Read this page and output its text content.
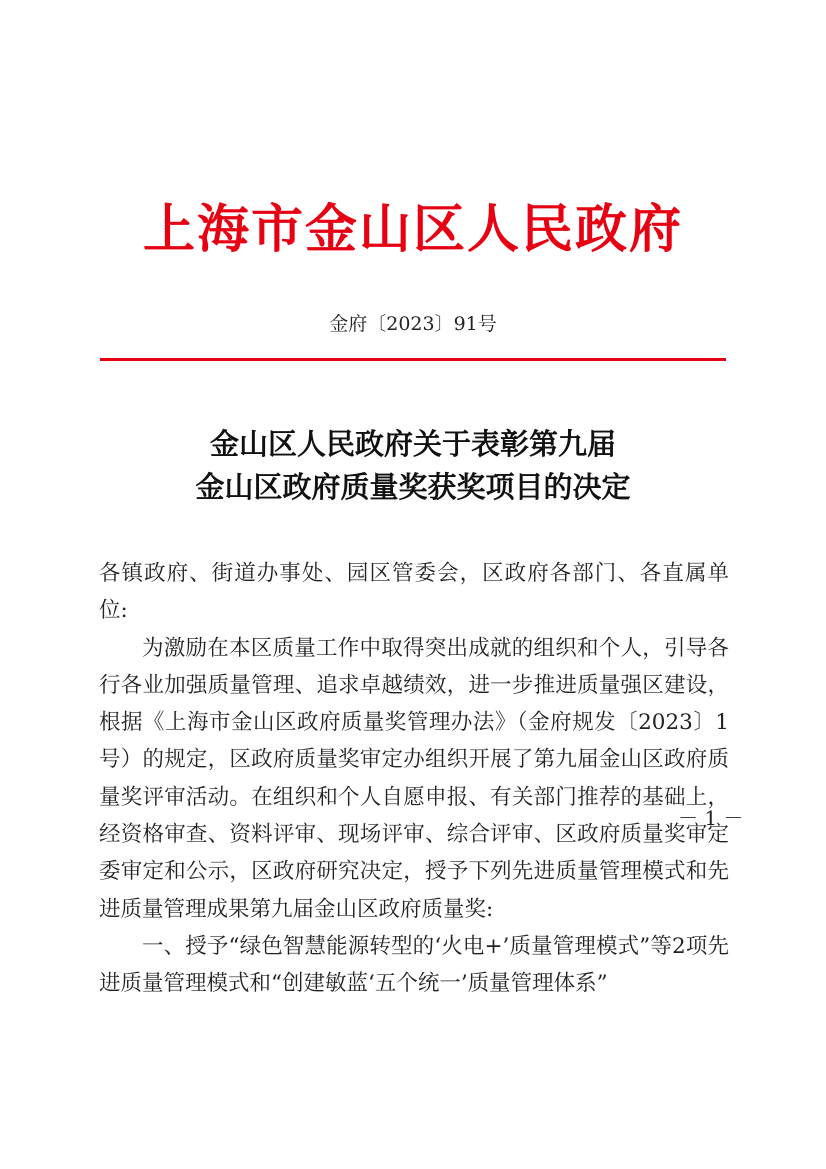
上海市金山区人民政府
金府〔2023〕91号
金山区人民政府关于表彰第九届
金山区政府质量奖获奖项目的决定

各镇政府、街道办事处、园区管委会，区政府各部门、各直属单位:

为激励在本区质量工作中取得突出成就的组织和个人，引导各行各业加强质量管理、追求卓越绩效，进一步推进质量强区建设，根据《上海市金山区政府质量奖管理办法》（金府规发〔2023〕1号）的规定，区政府质量奖审定办组织开展了第九届金山区政府质量奖评审活动。在组织和个人自愿申报、有关部门推荐的基础上，经资格审查、资料评审、现场评审、综合评审、区政府质量奖审定委审定和公示，区政府研究决定，授予下列先进质量管理模式和先进质量管理成果第九届金山区政府质量奖:

一、授予“绿色智慧能源转型的‘火电+’质量管理模式”等2项先进质量管理模式和“创建敏蓝‘五个统一’质量管理体系”

－ 1 －
